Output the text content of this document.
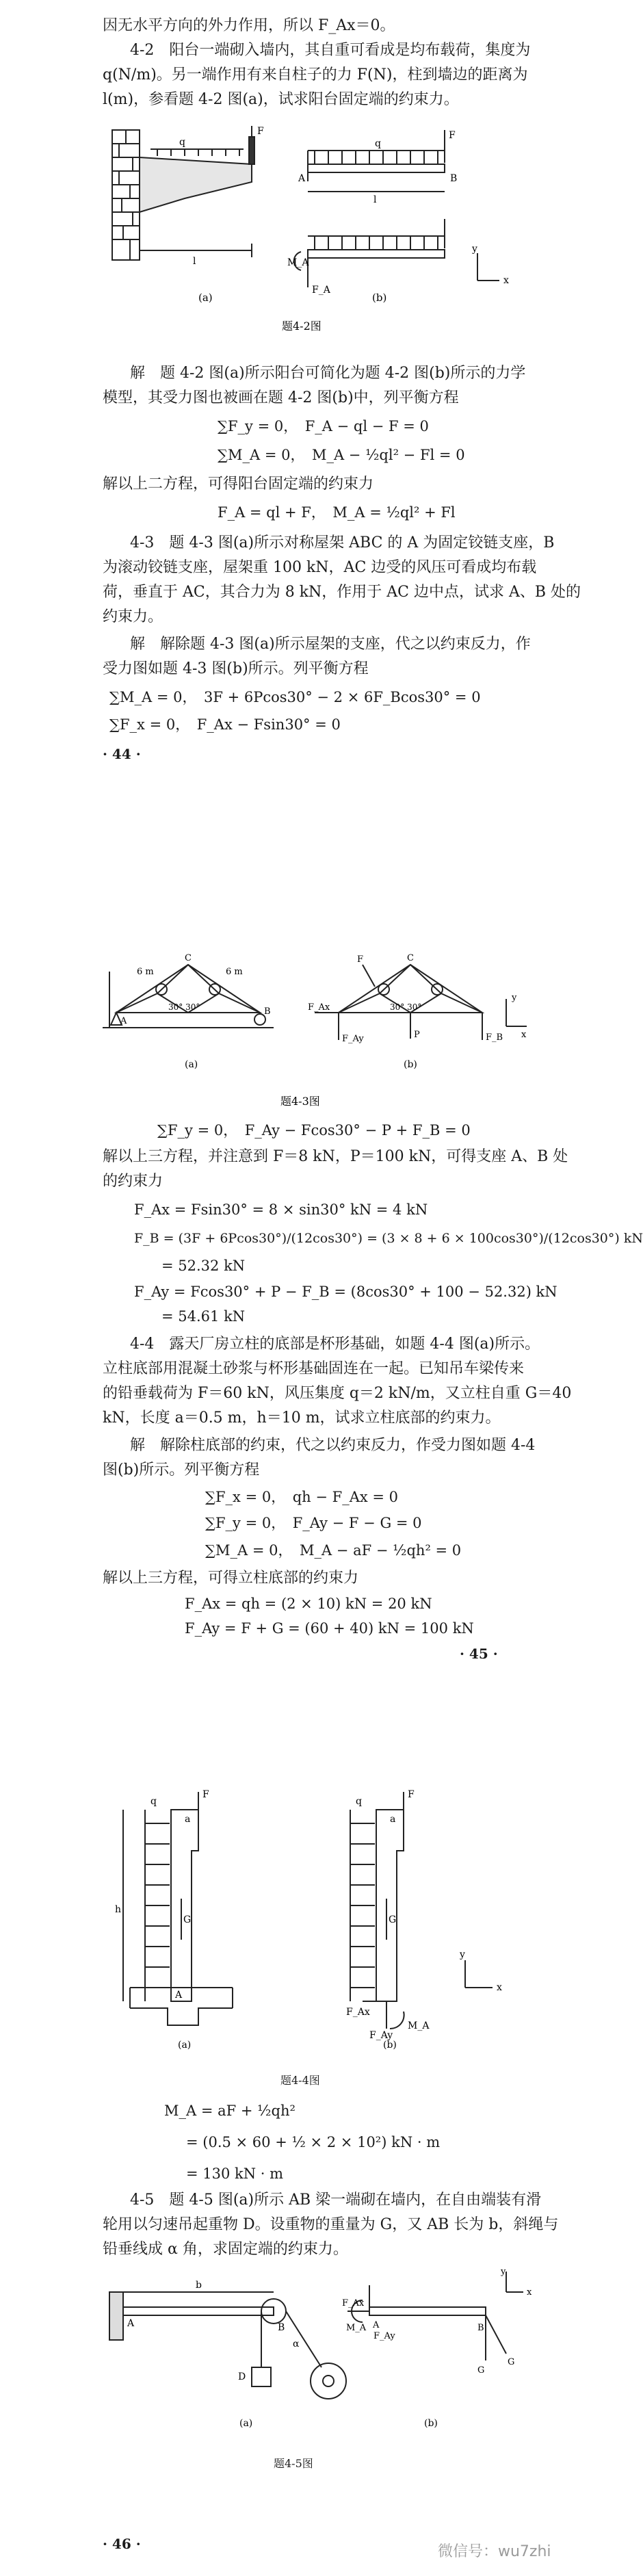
因无水平方向的外力作用，所以 F_Ax＝0。
4-2　阳台一端砌入墙内，其自重可看成是均布载荷，集度为
q(N/m)。另一端作用有来自柱子的力 F(N)，柱到墙边的距离为
l(m)，参看题 4-2 图(a)，试求阳台固定端的约束力。
q
F
l
q
F
A	B
l
M_A
F_A
x
y
(a)	(b)
题4-2图
解　题 4-2 图(a)所示阳台可简化为题 4-2 图(b)所示的力学
模型，其受力图也被画在题 4-2 图(b)中，列平衡方程
∑F_y = 0，　F_A − ql − F = 0
∑M_A = 0，　M_A − ½ql² − Fl = 0
解以上二方程，可得阳台固定端的约束力
F_A = ql + F，　M_A = ½ql² + Fl
4-3　题 4-3 图(a)所示对称屋架 ABC 的 A 为固定铰链支座，B
为滚动铰链支座，屋架重 100 kN，AC 边受的风压可看成均布载
荷，垂直于 AC，其合力为 8 kN，作用于 AC 边中点，试求 A、B 处的
约束力。
解　解除题 4-3 图(a)所示屋架的支座，代之以约束反力，作
受力图如题 4-3 图(b)所示。列平衡方程
∑M_A = 0，　3F + 6Pcos30° − 2 × 6F_Bcos30° = 0
∑F_x = 0，　F_Ax − Fsin30° = 0
· 44 ·
6 m	6 m
C
30° 30°
A
B
C
30° 30°
F
P
F_Ax
F_Ay	F_B
y
x
(a)	(b)
题4-3图
∑F_y = 0，　F_Ay − Fcos30° − P + F_B = 0
解以上三方程，并注意到 F＝8 kN，P＝100 kN，可得支座 A、B 处
的约束力
F_Ax = Fsin30° = 8 × sin30° kN = 4 kN
F_B = (3F + 6Pcos30°)/(12cos30°) = (3 × 8 + 6 × 100cos30°)/(12cos30°) kN
= 52.32 kN
F_Ay = Fcos30° + P − F_B = (8cos30° + 100 − 52.32) kN
= 54.61 kN
4-4　露天厂房立柱的底部是杯形基础，如题 4-4 图(a)所示。
立柱底部用混凝土砂浆与杯形基础固连在一起。已知吊车梁传来
的铅垂载荷为 F＝60 kN，风压集度 q＝2 kN/m，又立柱自重 G＝40
kN，长度 a＝0.5 m，h＝10 m，试求立柱底部的约束力。
解　解除柱底部的约束，代之以约束反力，作受力图如题 4-4
图(b)所示。列平衡方程
∑F_x = 0，　qh − F_Ax = 0
∑F_y = 0，　F_Ay − F − G = 0
∑M_A = 0，　M_A − aF − ½qh² = 0
解以上三方程，可得立柱底部的约束力
F_Ax = qh = (2 × 10) kN = 20 kN
F_Ay = F + G = (60 + 40) kN = 100 kN
· 45 ·
F
a
q
h
G
A
F
a
q
G
M_A
F_Ax
F_Ay
x
y
(a)	(b)
题4-4图
M_A = aF + ½qh²
= (0.5 × 60 + ½ × 2 × 10²) kN · m
= 130 kN · m
4-5　题 4-5 图(a)所示 AB 梁一端砌在墙内，在自由端装有滑
轮用以匀速吊起重物 D。设重物的重量为 G，又 AB 长为 b，斜绳与
铅垂线成 α 角，求固定端的约束力。
b
A	B
D
α
F_Ax
A
M_A
F_Ay
B
G
G
x
y
(a)	(b)
题4-5图
· 46 ·	微信号：wu7zhi
